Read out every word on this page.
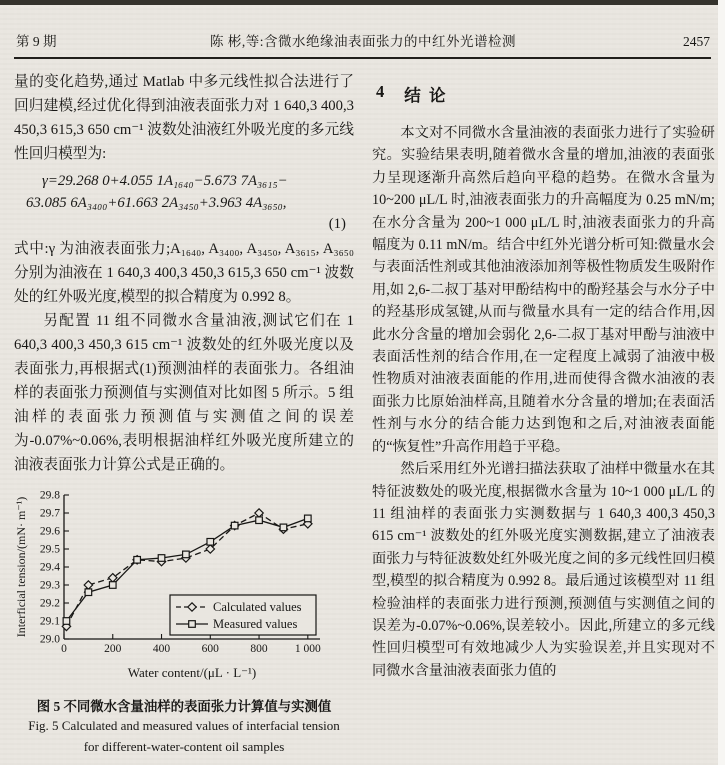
第 9 期	陈 彬,等:含微水绝缘油表面张力的中红外光谱检测	2457

量的变化趋势,通过 Matlab 中多元线性拟合法进行了回归建模,经过优化得到油液表面张力对 1 640,3 400,3 450,3 615,3 650 cm⁻¹ 波数处油液红外吸光度的多元线性回归模型为:

γ=29.268 0+4.055 1A₁₆₄₀−5.673 7A₃₆₁₅−
63.085 6A₃₄₀₀+61.663 2A₃₄₅₀+3.963 4A₃₆₅₀,
(1)

式中:γ 为油液表面张力;A₁₆₄₀, A₃₄₀₀, A₃₄₅₀, A₃₆₁₅, A₃₆₅₀ 分别为油液在 1 640,3 400,3 450,3 615,3 650 cm⁻¹ 波数处的红外吸光度,模型的拟合精度为 0.992 8。

另配置 11 组不同微水含量油液,测试它们在 1 640,3 400,3 450,3 615 cm⁻¹ 波数处的红外吸光度以及表面张力,再根据式(1)预测油样的表面张力。各组油样的表面张力预测值与实测值对比如图 5 所示。5 组油样的表面张力预测值与实测值之间的误差为-0.07%~0.06%,表明根据油样红外吸光度所建立的油液表面张力计算公式是正确的。

29.0
29.1
29.2
29.3
29.4
29.5
29.6
29.7
29.8
0	200	400	600	800 1 000
Water content/(μL · L⁻¹)
Interficial tension/(mN· m⁻¹)	Calculated values
Measured values
图 5 不同微水含量油样的表面张力计算值与实测值
Fig. 5 Calculated and measured values of interfacial tension
for different-water-content oil samples
4 结  论

本文对不同微水含量油液的表面张力进行了实验研究。实验结果表明,随着微水含量的增加,油液的表面张力呈现逐渐升高然后趋向平稳的趋势。在微水含量为 10~200 μL/L 时,油液表面张力的升高幅度为 0.25 mN/m;在水分含量为 200~1 000 μL/L 时,油液表面张力的升高幅度为 0.11 mN/m。结合中红外光谱分析可知:微量水会与表面活性剂或其他油液添加剂等极性物质发生吸附作用,如 2,6-二叔丁基对甲酚结构中的酚羟基会与水分子中的羟基形成氢键,从而与微量水具有一定的结合作用,因此水分含量的增加会弱化 2,6-二叔丁基对甲酚与油液中表面活性剂的结合作用,在一定程度上减弱了油液中极性物质对油液表面能的作用,进而使得含微水油液的表面张力比原始油样高,且随着水分含量的增加;在表面活性剂与水分的结合能力达到饱和之后,对油液表面能的“恢复性”升高作用趋于平稳。

然后采用红外光谱扫描法获取了油样中微量水在其特征波数处的吸光度,根据微水含量为 10~1 000 μL/L 的 11 组油样的表面张力实测数据与 1 640,3 400,3 450,3 615 cm⁻¹ 波数处的红外吸光度实测数据,建立了油液表面张力与特征波数处红外吸光度之间的多元线性回归模型,模型的拟合精度为 0.992 8。最后通过该模型对 11 组检验油样的表面张力进行预测,预测值与实测值之间的误差为-0.07%~0.06%,误差较小。因此,所建立的多元线性回归模型可有效地减少人为实验误差,并且实现对不同微水含量油液表面张力值的
